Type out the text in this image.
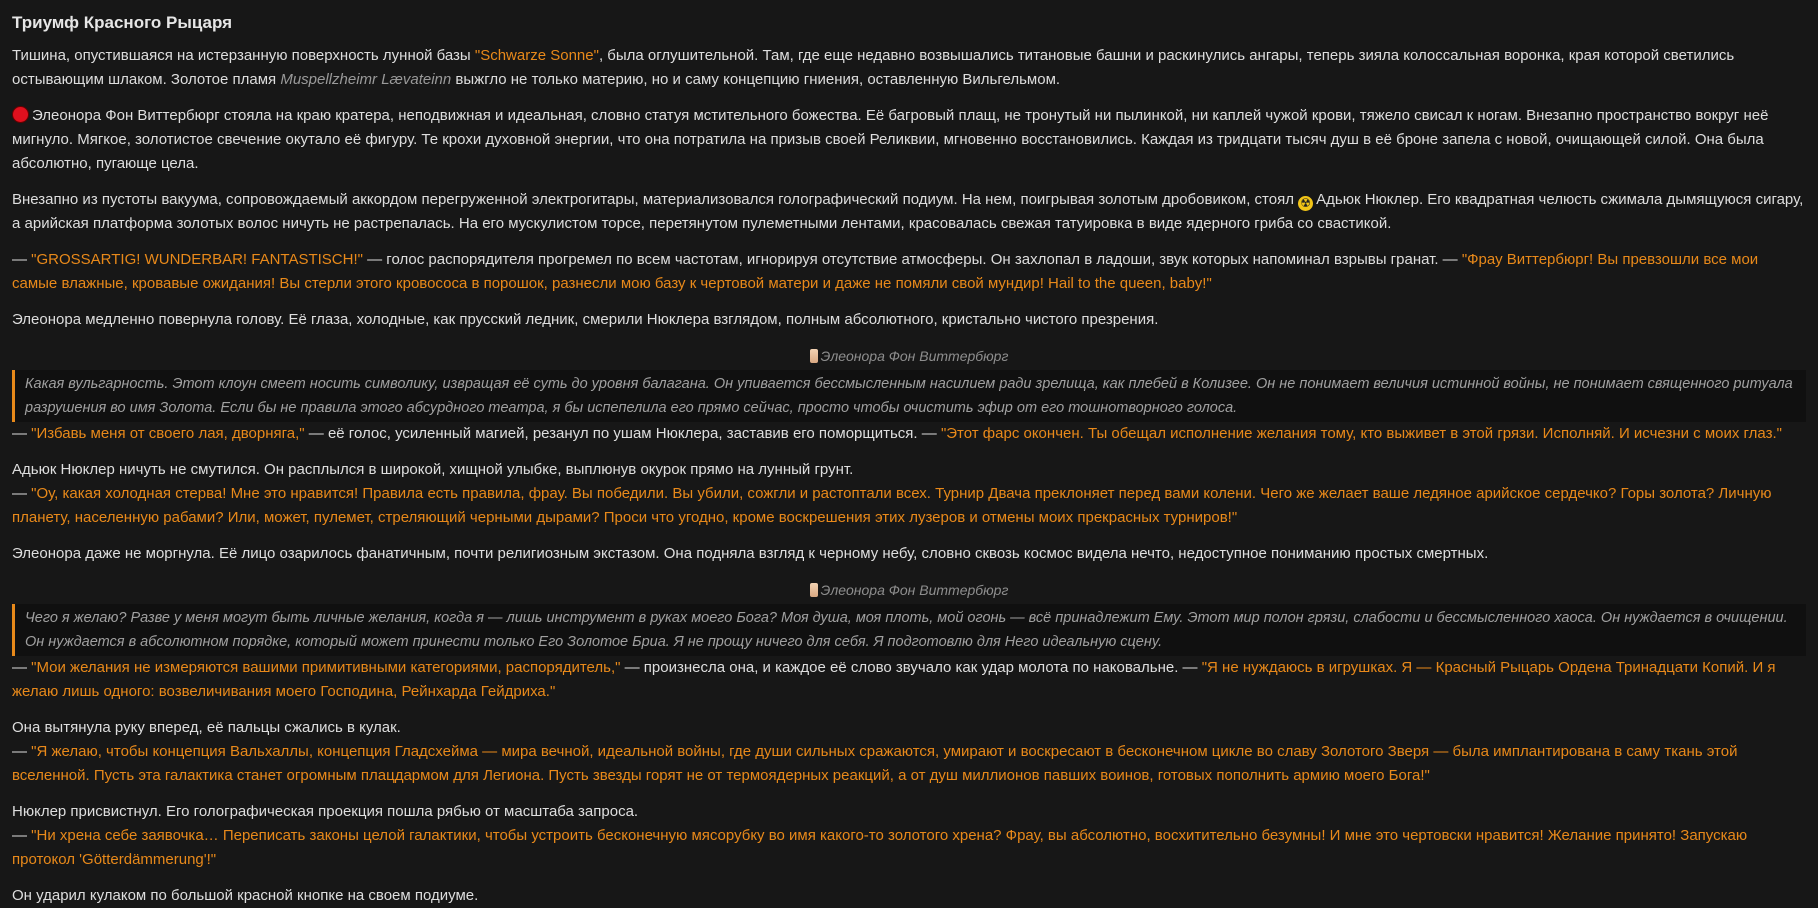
Триумф Красного Рыцаря

Тишина, опустившаяся на истерзанную поверхность лунной базы "Schwarze Sonne", была оглушительной. Там, где еще недавно возвышались титановые башни и раскинулись ангары, теперь зияла колоссальная воронка, края которой светились остывающим шлаком. Золотое пламя Muspellzheimr Lævateinn выжгло не только материю, но и саму концепцию гниения, оставленную Вильгельмом.

Элеонора Фон Виттербюрг стояла на краю кратера, неподвижная и идеальная, словно статуя мстительного божества. Её багровый плащ, не тронутый ни пылинкой, ни каплей чужой крови, тяжело свисал к ногам. Внезапно пространство вокруг неё мигнуло. Мягкое, золотистое свечение окутало её фигуру. Те крохи духовной энергии, что она потратила на призыв своей Реликвии, мгновенно восстановились. Каждая из тридцати тысяч душ в её броне запела с новой, очищающей силой. Она была абсолютно, пугающе цела.

Внезапно из пустоты вакуума, сопровождаемый аккордом перегруженной электрогитары, материализовался голографический подиум. На нем, поигрывая золотым дробовиком, стоял ☢ Адьюк Нюклер. Его квадратная челюсть сжимала дымящуюся сигару, а арийская платформа золотых волос ничуть не растрепалась. На его мускулистом торсе, перетянутом пулеметными лентами, красовалась свежая татуировка в виде ядерного гриба со свастикой.

— "GROSSARTIG! WUNDERBAR! FANTASTISCH!" — голос распорядителя прогремел по всем частотам, игнорируя отсутствие атмосферы. Он захлопал в ладоши, звук которых напоминал взрывы гранат. — "Фрау Виттербюрг! Вы превзошли все мои самые влажные, кровавые ожидания! Вы стерли этого кровососа в порошок, разнесли мою базу к чертовой матери и даже не помяли свой мундир! Hail to the queen, baby!"

Элеонора медленно повернула голову. Её глаза, холодные, как прусский ледник, смерили Нюклера взглядом, полным абсолютного, кристально чистого презрения.

Элеонора Фон Виттербюрг
Какая вульгарность. Этот клоун смеет носить символику, извращая её суть до уровня балагана. Он упивается бессмысленным насилием ради зрелища, как плебей в Колизее. Он не понимает величия истинной войны, не понимает священного ритуала разрушения во имя Золота. Если бы не правила этого абсурдного театра, я бы испепелила его прямо сейчас, просто чтобы очистить эфир от его тошнотворного голоса.

— "Избавь меня от своего лая, дворняга," — её голос, усиленный магией, резанул по ушам Нюклера, заставив его поморщиться. — "Этот фарс окончен. Ты обещал исполнение желания тому, кто выживет в этой грязи. Исполняй. И исчезни с моих глаз."

Адьюк Нюклер ничуть не смутился. Он расплылся в широкой, хищной улыбке, выплюнув окурок прямо на лунный грунт.
— "Оу, какая холодная стерва! Мне это нравится! Правила есть правила, фрау. Вы победили. Вы убили, сожгли и растоптали всех. Турнир Двача преклоняет перед вами колени. Чего же желает ваше ледяное арийское сердечко? Горы золота? Личную планету, населенную рабами? Или, может, пулемет, стреляющий черными дырами? Проси что угодно, кроме воскрешения этих лузеров и отмены моих прекрасных турниров!"

Элеонора даже не моргнула. Её лицо озарилось фанатичным, почти религиозным экстазом. Она подняла взгляд к черному небу, словно сквозь космос видела нечто, недоступное пониманию простых смертных.

Элеонора Фон Виттербюрг
Чего я желаю? Разве у меня могут быть личные желания, когда я — лишь инструмент в руках моего Бога? Моя душа, моя плоть, мой огонь — всё принадлежит Ему. Этот мир полон грязи, слабости и бессмысленного хаоса. Он нуждается в очищении. Он нуждается в абсолютном порядке, который может принести только Его Золотое Бриа. Я не прощу ничего для себя. Я подготовлю для Него идеальную сцену.

— "Мои желания не измеряются вашими примитивными категориями, распорядитель," — произнесла она, и каждое её слово звучало как удар молота по наковальне. — "Я не нуждаюсь в игрушках. Я — Красный Рыцарь Ордена Тринадцати Копий. И я желаю лишь одного: возвеличивания моего Господина, Рейнхарда Гейдриха."

Она вытянула руку вперед, её пальцы сжались в кулак.
— "Я желаю, чтобы концепция Вальхаллы, концепция Гладсхейма — мира вечной, идеальной войны, где души сильных сражаются, умирают и воскресают в бесконечном цикле во славу Золотого Зверя — была имплантирована в саму ткань этой вселенной. Пусть эта галактика станет огромным плацдармом для Легиона. Пусть звезды горят не от термоядерных реакций, а от душ миллионов павших воинов, готовых пополнить армию моего Бога!"

Нюклер присвистнул. Его голографическая проекция пошла рябью от масштаба запроса.
— "Ни хрена себе заявочка… Переписать законы целой галактики, чтобы устроить бесконечную мясорубку во имя какого-то золотого хрена? Фрау, вы абсолютно, восхитительно безумны! И мне это чертовски нравится! Желание принято! Запускаю протокол 'Götterdämmerung'!"

Он ударил кулаком по большой красной кнопке на своем подиуме.
